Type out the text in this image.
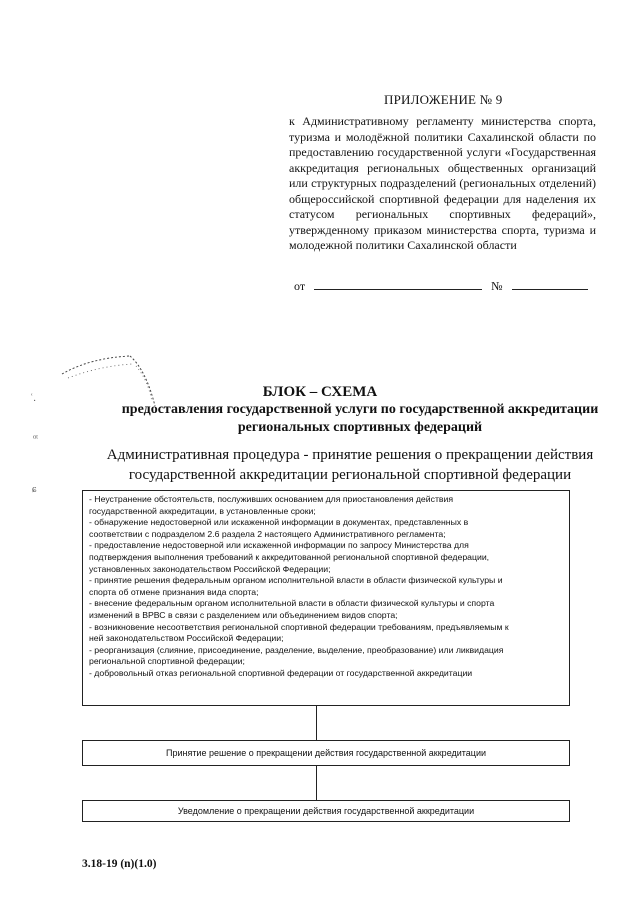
ПРИЛОЖЕНИЕ № 9
к Административному регламенту министерства спорта, туризма и молодёжной политики Сахалинской области по предоставлению государственной услуги «Государственная аккредитация региональных общественных организаций или структурных подразделений (региональных отделений) общероссийской спортивной федерации для наделения их статусом региональных спортивных федераций», утвержденному приказом министерства спорта, туризма и молодежной политики Сахалинской области
от	№
ʿ.
ᵅᵗ
ɕ
БЛОК – СХЕМА
предоставления государственной услуги по государственной аккредитации региональных спортивных федераций
Административная процедура - принятие решения о прекращении действия государственной аккредитации региональной спортивной федерации

- Неустранение обстоятельств, послуживших основанием для приостановления действия

государственной аккредитации, в установленные сроки;

- обнаружение недостоверной или искаженной информации в документах, представленных в

соответствии с подразделом 2.6 раздела 2 настоящего Административного регламента;

- предоставление недостоверной или искаженной информации по запросу Министерства для

подтверждения выполнения требований к аккредитованной региональной спортивной федерации,

установленных законодательством Российской Федерации;

- принятие решения федеральным органом исполнительной власти в области физической культуры и

спорта об отмене признания вида спорта;

- внесение федеральным органом исполнительной власти в области физической культуры и спорта

изменений в ВРВС в связи с разделением или объединением видов спорта;

- возникновение несоответствия региональной спортивной федерации требованиям, предъявляемым к

ней законодательством Российской Федерации;

- реорганизация (слияние, присоединение, разделение, выделение, преобразование) или ликвидация

региональной спортивной федерации;

- добровольный отказ региональной спортивной федерации от государственной аккредитации

Принятие решение о прекращении действия государственной аккредитации
Уведомление о прекращении действия государственной аккредитации
3.18-19 (n)(1.0)
